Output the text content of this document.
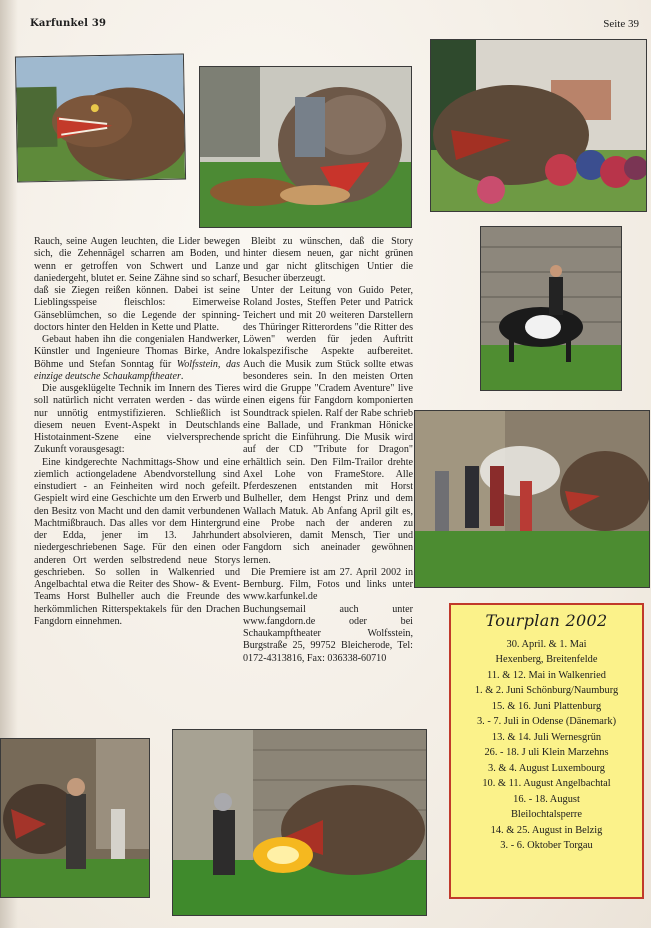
Karfunkel 39	Seite 39

Rauch, seine Augen leuchten, die Lider bewegen sich, die Zehennägel scharren am Boden, und wenn er getroffen von Schwert und Lanze daniedergeht, blutet er. Seine Zähne sind so scharf, daß sie Ziegen reißen können. Dabei ist seine Lieblingsspeise fleischlos: Eimerweise Gänseblümchen, so die Legende der spinning-doctors hinter den Helden in Kette und Platte.

Gebaut haben ihn die congenialen Handwerker, Künstler und Ingenieure Thomas Birke, Andre Böhme und Stefan Sonntag für Wolfsstein, das einzige deutsche Schaukampftheater.

Die ausgeklügelte Technik im Innern des Tieres soll natürlich nicht verraten werden - das würde nur unnötig entmystifizieren. Schließlich ist diesem neuen Event-Aspekt in Deutschlands Histotainment-Szene eine vielversprechende Zukunft vorausgesagt:

Eine kindgerechte Nachmittags-Show und eine ziemlich actiongeladene Abendvorstellung sind einstudiert - an Feinheiten wird noch gefeilt. Gespielt wird eine Geschichte um den Erwerb und den Besitz von Macht und den damit verbundenen Machtmißbrauch. Das alles vor dem Hintergrund der Edda, jener im 13. Jahrhundert niedergeschriebenen Sage. Für den einen oder anderen Ort werden selbstredend neue Storys geschrieben. So sollen in Walkenried und Angelbachtal etwa die Reiter des Show- & Event-Teams Horst Bulheller auch die Freunde des herkömmlichen Ritterspektakels für den Drachen Fangdorn einnehmen.

Bleibt zu wünschen, daß die Story hinter diesem neuen, gar nicht grünen und gar nicht glitschigen Untier die Besucher überzeugt.

Unter der Leitung von Guido Peter, Roland Jostes, Steffen Peter und Patrick Teichert und mit 20 weiteren Darstellern des Thüringer Ritterordens "die Ritter des Löwen" werden für jeden Auftritt lokalspezifische Aspekte aufbereitet. Auch die Musik zum Stück sollte etwas besonderes sein. In den meisten Orten wird die Gruppe "Cradem Aventure" live einen eigens für Fangdorn komponierten Soundtrack spielen. Ralf der Rabe schrieb eine Ballade, und Frankman Hönicke spricht die Einführung. Die Musik wird auf der CD "Tribute for Dragon" erhältlich sein. Den Film-Trailor drehte Axel Lohe von FrameStore. Alle Pferdeszenen entstanden mit Horst Bulheller, dem Hengst Prinz und dem Wallach Matuk. Ab Anfang April gilt es, eine Probe nach der anderen zu absolvieren, damit Mensch, Tier und Fangdorn sich aneinader gewöhnen lernen.

Die Premiere ist am 27. April 2002 in Bernburg. Film, Fotos und links unter www.karfunkel.de

Buchungsemail auch unter www.fangdorn.de oder bei Schaukampftheater Wolfsstein, Burgstraße 25, 99752 Bleicherode, Tel: 0172-4313816, Fax: 036338-60710

Tourplan 2002
30. April. & 1. Mai
Hexenberg, Breitenfelde
11. & 12. Mai in Walkenried
1. & 2. Juni Schönburg/Naumburg
15. & 16. Juni Plattenburg
3. - 7. Juli in Odense (Dänemark)
13. & 14. Juli Wernesgrün
26. - 18. J uli Klein Marzehns
3. & 4. August Luxembourg
10. & 11. August Angelbachtal
16. - 18. August
Bleilochtalsperre
14. & 25. August in Belzig
3. - 6. Oktober Torgau
